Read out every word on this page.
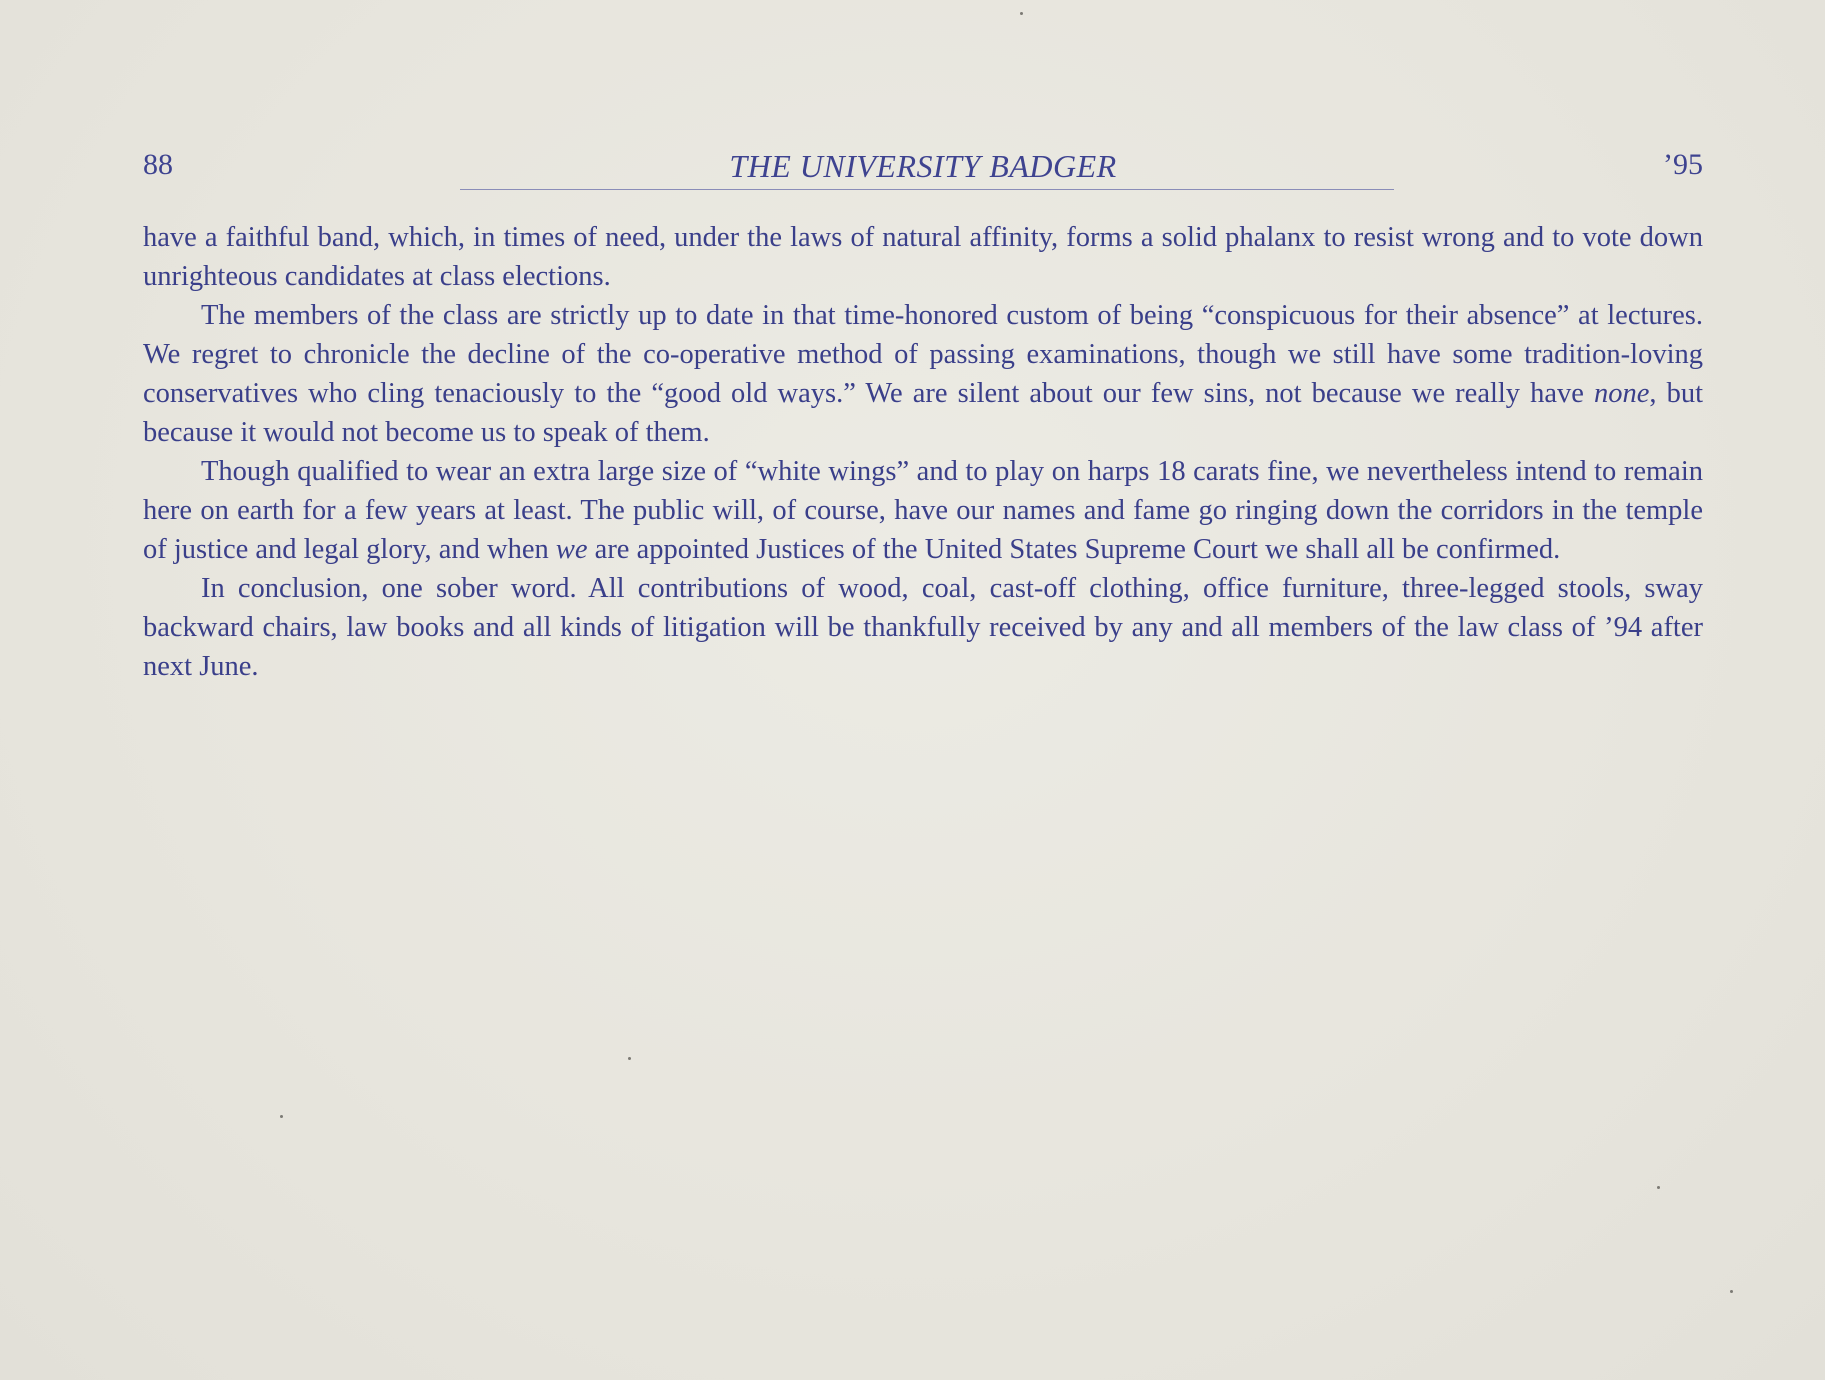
88	THE UNIVERSITY BADGER	’95

have a faithful band, which, in times of need, under the laws of natural affinity, forms a solid phalanx to resist wrong and to vote down unrighteous candidates at class elections.

The members of the class are strictly up to date in that time-honored custom of being “conspicuous for their absence” at lectures. We regret to chronicle the decline of the co-operative method of passing examinations, though we still have some tradition-loving conservatives who cling tenaciously to the “good old ways.” We are silent about our few sins, not because we really have none, but because it would not become us to speak of them.

Though qualified to wear an extra large size of “white wings” and to play on harps 18 carats fine, we nevertheless intend to remain here on earth for a few years at least. The public will, of course, have our names and fame go ringing down the corridors in the temple of justice and legal glory, and when we are appointed Justices of the United States Supreme Court we shall all be confirmed.

In conclusion, one sober word. All contributions of wood, coal, cast-off clothing, office furniture, three-legged stools, sway backward chairs, law books and all kinds of litigation will be thankfully received by any and all members of the law class of ’94 after next June.
